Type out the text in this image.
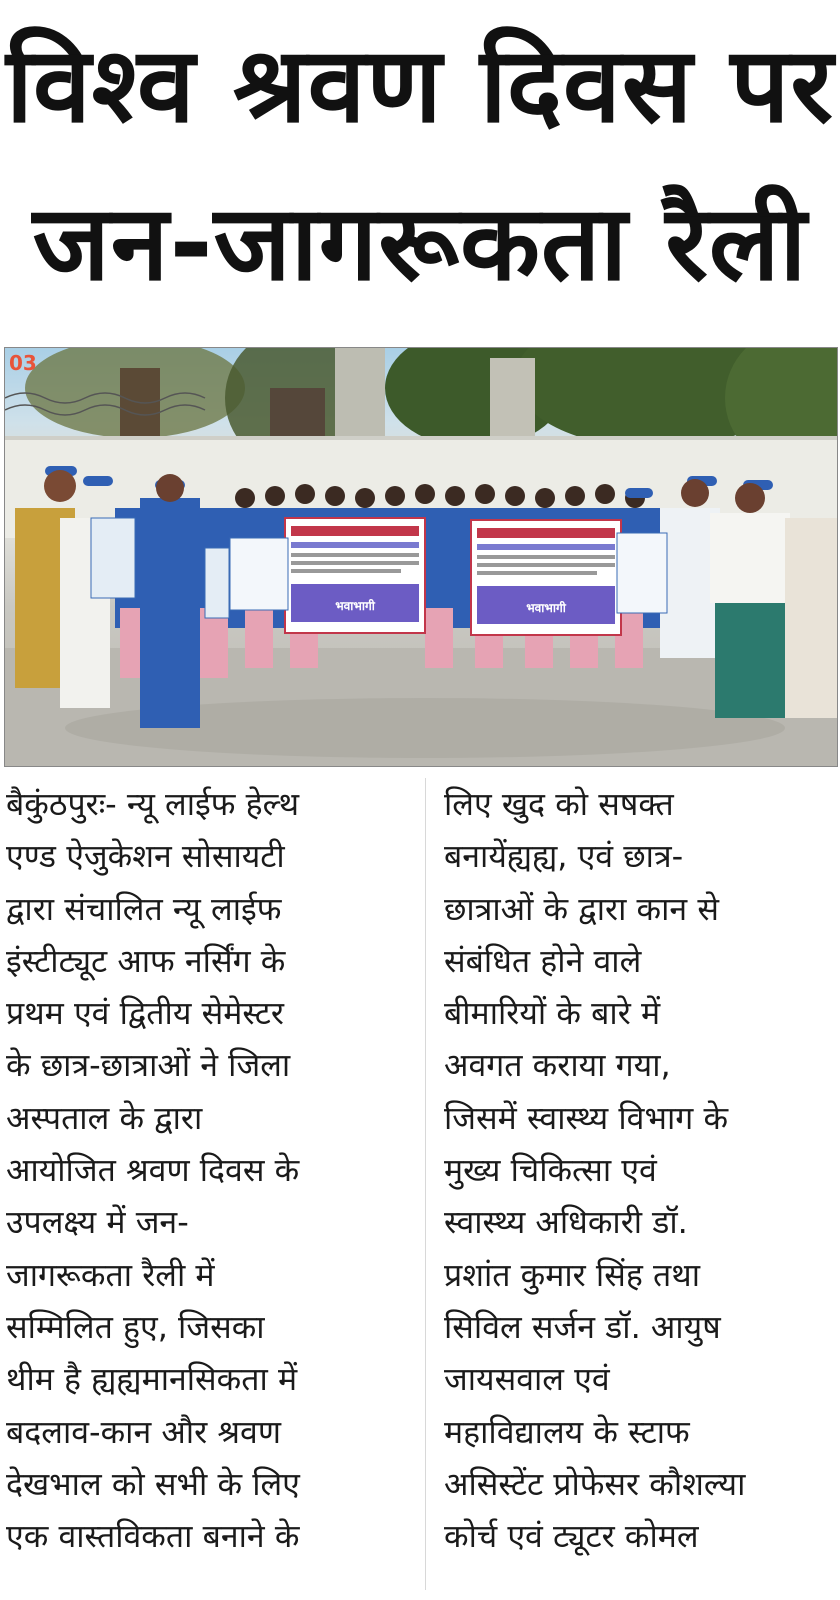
विश्व श्रवण दिवस पर
जन-जागरूकता रैली
भवाभागी	भवाभागी
03
बैकुंठपुरः- न्यू लाईफ हेल्थ
एण्ड ऐजुकेशन सोसायटी
द्वारा संचालित न्यू लाईफ
इंस्टीट्यूट आफ नर्सिंग के
प्रथम एवं द्वितीय सेमेस्टर
के छात्र-छात्राओं ने जिला
अस्पताल के द्वारा
आयोजित श्रवण दिवस के
उपलक्ष्य में जन-
जागरूकता रैली में
सम्मिलित हुए, जिसका
थीम है ह्यह्यमानसिकता में
बदलाव-कान और श्रवण
देखभाल को सभी के लिए
एक वास्तविकता बनाने के
लिए खुद को सषक्त
बनायेंह्यह्य, एवं छात्र-
छात्राओं के द्वारा कान से
संबंधित होने वाले
बीमारियों के बारे में
अवगत कराया गया,
जिसमें स्वास्थ्य विभाग के
मुख्य चिकित्सा एवं
स्वास्थ्य अधिकारी डॉ.
प्रशांत कुमार सिंह तथा
सिविल सर्जन डॉ. आयुष
जायसवाल एवं
महाविद्यालय के स्टाफ
असिस्टेंट प्रोफेसर कौशल्या
कोर्च एवं ट्यूटर कोमल
